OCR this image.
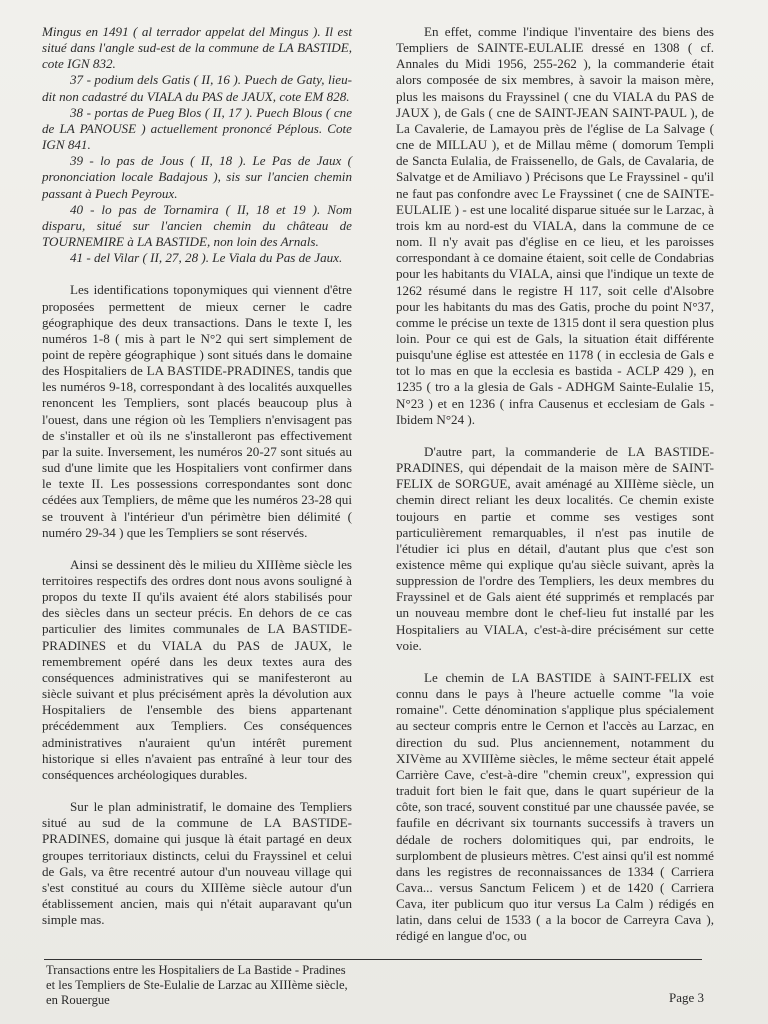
Mingus en 1491 ( al terrador appelat del Mingus ). Il est situé dans l'angle sud-est de la commune de LA BASTIDE, cote IGN 832.

37 - podium dels Gatis ( II, 16 ). Puech de Gaty, lieu-dit non cadastré du VIALA du PAS de JAUX, cote EM 828.

38 - portas de Pueg Blos ( II, 17 ). Puech Blous ( cne de LA PANOUSE ) actuellement prononcé Péplous. Cote IGN 841.

39 - lo pas de Jous ( II, 18 ). Le Pas de Jaux ( prononciation locale Badajous ), sis sur l'ancien chemin passant à Puech Peyroux.

40 - lo pas de Tornamira ( II, 18 et 19 ). Nom disparu, situé sur l'ancien chemin du château de TOURNEMIRE à LA BASTIDE, non loin des Arnals.

41 - del Vilar ( II, 27, 28 ). Le Viala du Pas de Jaux.

Les identifications toponymiques qui viennent d'être proposées permettent de mieux cerner le cadre géographique des deux transactions. Dans le texte I, les numéros 1-8 ( mis à part le N°2 qui sert simplement de point de repère géographique ) sont situés dans le domaine des Hospitaliers de LA BASTIDE-PRADINES, tandis que les numéros 9-18, correspondant à des localités auxquelles renoncent les Templiers, sont placés beaucoup plus à l'ouest, dans une région où les Templiers n'envisagent pas de s'installer et où ils ne s'installeront pas effectivement par la suite. Inversement, les numéros 20-27 sont situés au sud d'une limite que les Hospitaliers vont confirmer dans le texte II. Les possessions correspondantes sont donc cédées aux Templiers, de même que les numéros 23-28 qui se trouvent à l'intérieur d'un périmètre bien délimité ( numéro 29-34 ) que les Templiers se sont réservés.

Ainsi se dessinent dès le milieu du XIIIème siècle les territoires respectifs des ordres dont nous avons souligné à propos du texte II qu'ils avaient été alors stabilisés pour des siècles dans un secteur précis. En dehors de ce cas particulier des limites communales de LA BASTIDE-PRADINES et du VIALA du PAS de JAUX, le remembrement opéré dans les deux textes aura des conséquences administratives qui se manifesteront au siècle suivant et plus précisément après la dévolution aux Hospitaliers de l'ensemble des biens appartenant précédemment aux Templiers. Ces conséquences administratives n'auraient qu'un intérêt purement historique si elles n'avaient pas entraîné à leur tour des conséquences archéologiques durables.

Sur le plan administratif, le domaine des Templiers situé au sud de la commune de LA BASTIDE-PRADINES, domaine qui jusque là était partagé en deux groupes territoriaux distincts, celui du Frayssinel et celui de Gals, va être recentré autour d'un nouveau village qui s'est constitué au cours du XIIIème siècle autour d'un établissement ancien, mais qui n'était auparavant qu'un simple mas.

En effet, comme l'indique l'inventaire des biens des Templiers de SAINTE-EULALIE dressé en 1308 ( cf. Annales du Midi 1956, 255-262 ), la commanderie était alors composée de six membres, à savoir la maison mère, plus les maisons du Frayssinel ( cne du VIALA du PAS de JAUX ), de Gals ( cne de SAINT-JEAN SAINT-PAUL ), de La Cavalerie, de Lamayou près de l'église de La Salvage ( cne de MILLAU ), et de Millau même ( domorum Templi de Sancta Eulalia, de Fraissenello, de Gals, de Cavalaria, de Salvatge et de Amiliavo ) Précisons que Le Frayssinel - qu'il ne faut pas confondre avec Le Frayssinet ( cne de SAINTE-EULALIE ) - est une localité disparue située sur le Larzac, à trois km au nord-est du VIALA, dans la commune de ce nom. Il n'y avait pas d'église en ce lieu, et les paroisses correspondant à ce domaine étaient, soit celle de Condabrias pour les habitants du VIALA, ainsi que l'indique un texte de 1262 résumé dans le registre H 117, soit celle d'Alsobre pour les habitants du mas des Gatis, proche du point N°37, comme le précise un texte de 1315 dont il sera question plus loin. Pour ce qui est de Gals, la situation était différente puisqu'une église est attestée en 1178 ( in ecclesia de Gals e tot lo mas en que la ecclesia es bastida - ACLP 429 ), en 1235 ( tro a la glesia de Gals - ADHGM Sainte-Eulalie 15, N°23 ) et en 1236 ( infra Causenus et ecclesiam de Gals - Ibidem N°24 ).

D'autre part, la commanderie de LA BASTIDE-PRADINES, qui dépendait de la maison mère de SAINT-FELIX de SORGUE, avait aménagé au XIIIème siècle, un chemin direct reliant les deux localités. Ce chemin existe toujours en partie et comme ses vestiges sont particulièrement remarquables, il n'est pas inutile de l'étudier ici plus en détail, d'autant plus que c'est son existence même qui explique qu'au siècle suivant, après la suppression de l'ordre des Templiers, les deux membres du Frayssinel et de Gals aient été supprimés et remplacés par un nouveau membre dont le chef-lieu fut installé par les Hospitaliers au VIALA, c'est-à-dire précisément sur cette voie.

Le chemin de LA BASTIDE à SAINT-FELIX est connu dans le pays à l'heure actuelle comme "la voie romaine". Cette dénomination s'applique plus spécialement au secteur compris entre le Cernon et l'accès au Larzac, en direction du sud. Plus anciennement, notamment du XIVème au XVIIIème siècles, le même secteur était appelé Carrière Cave, c'est-à-dire "chemin creux", expression qui traduit fort bien le fait que, dans le quart supérieur de la côte, son tracé, souvent constitué par une chaussée pavée, se faufile en décrivant six tournants successifs à travers un dédale de rochers dolomitiques qui, par endroits, le surplombent de plusieurs mètres. C'est ainsi qu'il est nommé dans les registres de reconnaissances de 1334 ( Carriera Cava... versus Sanctum Felicem ) et de 1420 ( Carriera Cava, iter publicum quo itur versus La Calm ) rédigés en latin, dans celui de 1533 ( a la bocor de Carreyra Cava ), rédigé en langue d'oc, ou

Transactions entre les Hospitaliers de La Bastide - Pradines et les Templiers de Ste-Eulalie de Larzac au XIIIème siècle, en Rouergue	Page 3
